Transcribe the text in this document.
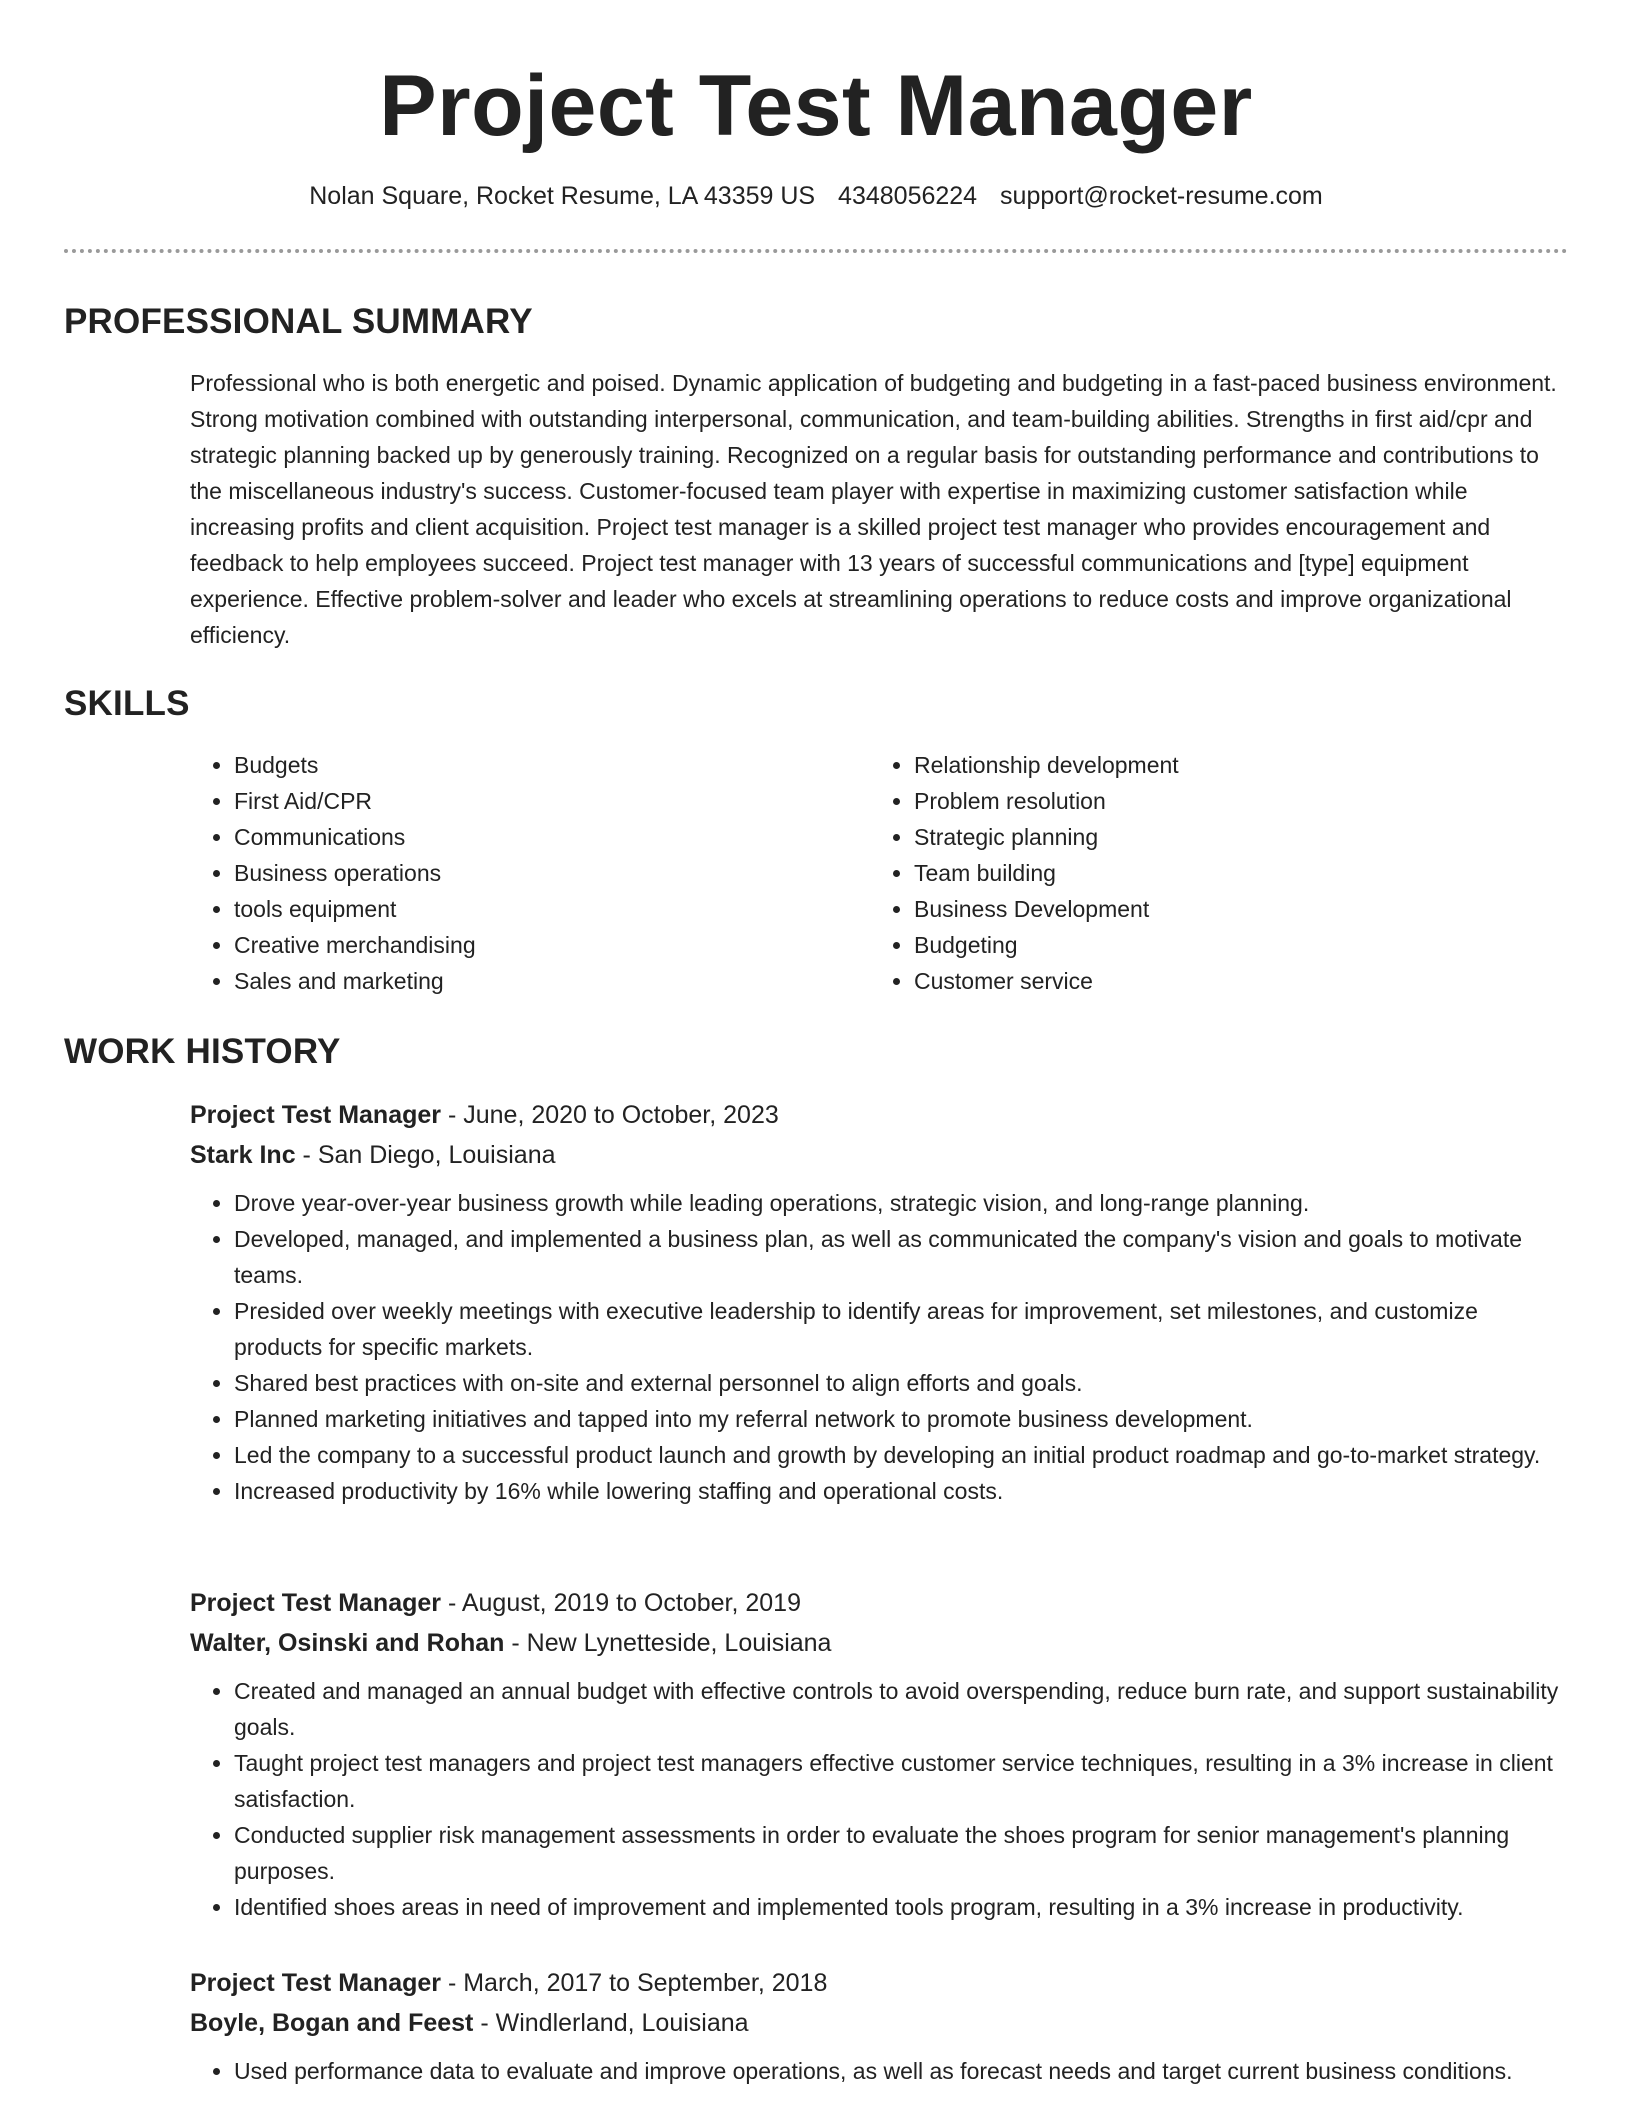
Project Test Manager
Nolan Square, Rocket Resume, LA 43359 US 4348056224 support@rocket-resume.com
PROFESSIONAL SUMMARY

Professional who is both energetic and poised. Dynamic application of budgeting and budgeting in a fast-paced business environment. Strong motivation combined with outstanding interpersonal, communication, and team-building abilities. Strengths in first aid/cpr and strategic planning backed up by generously training. Recognized on a regular basis for outstanding performance and contributions to the miscellaneous industry's success. Customer-focused team player with expertise in maximizing customer satisfaction while increasing profits and client acquisition. Project test manager is a skilled project test manager who provides encouragement and feedback to help employees succeed. Project test manager with 13 years of successful communications and [type] equipment experience. Effective problem-solver and leader who excels at streamlining operations to reduce costs and improve organizational efficiency.

SKILLS
• Budgets
• First Aid/CPR
• Communications
• Business operations
• tools equipment
• Creative merchandising
• Sales and marketing
• Relationship development
• Problem resolution
• Strategic planning
• Team building
• Business Development
• Budgeting
• Customer service
WORK HISTORY
Project Test Manager - June, 2020 to October, 2023
Stark Inc - San Diego, Louisiana
• Drove year-over-year business growth while leading operations, strategic vision, and long-range planning.
• Developed, managed, and implemented a business plan, as well as communicated the company's vision and goals to motivate teams.
• Presided over weekly meetings with executive leadership to identify areas for improvement, set milestones, and customize products for specific markets.
• Shared best practices with on-site and external personnel to align efforts and goals.
• Planned marketing initiatives and tapped into my referral network to promote business development.
• Led the company to a successful product launch and growth by developing an initial product roadmap and go-to-market strategy.
• Increased productivity by 16% while lowering staffing and operational costs.
Project Test Manager - August, 2019 to October, 2019
Walter, Osinski and Rohan - New Lynetteside, Louisiana
• Created and managed an annual budget with effective controls to avoid overspending, reduce burn rate, and support sustainability goals.
• Taught project test managers and project test managers effective customer service techniques, resulting in a 3% increase in client satisfaction.
• Conducted supplier risk management assessments in order to evaluate the shoes program for senior management's planning purposes.
• Identified shoes areas in need of improvement and implemented tools program, resulting in a 3% increase in productivity.
Project Test Manager - March, 2017 to September, 2018
Boyle, Bogan and Feest - Windlerland, Louisiana
• Used performance data to evaluate and improve operations, as well as forecast needs and target current business conditions.
